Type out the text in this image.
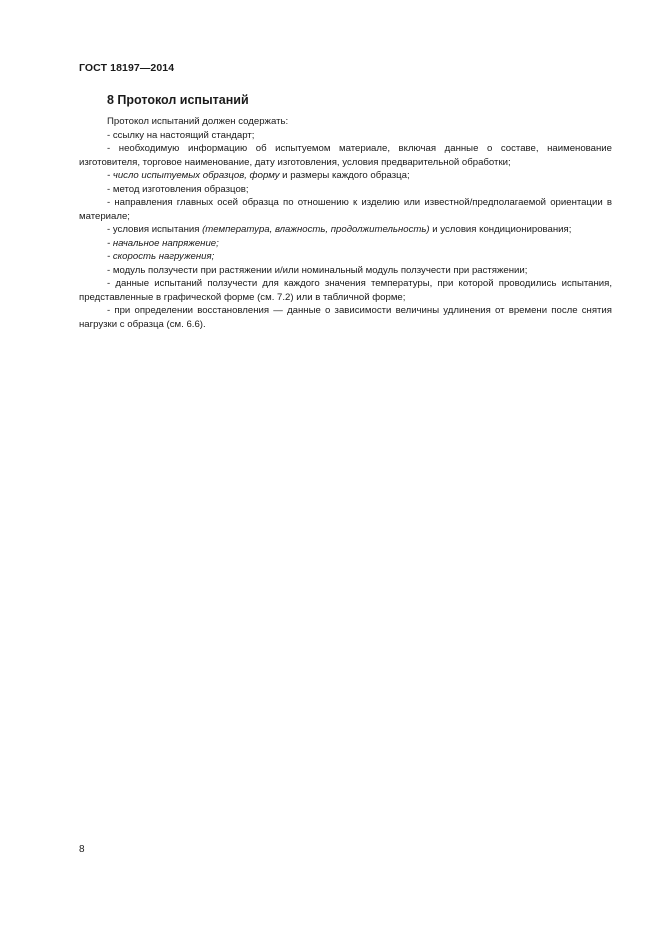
ГОСТ 18197—2014
8 Протокол испытаний

Протокол испытаний должен содержать:

- ссылку на настоящий стандарт;

- необходимую информацию об испытуемом материале, включая данные о составе, наименование изготовителя, торговое наименование, дату изготовления, условия предварительной обработки;

- число испытуемых образцов, форму и размеры каждого образца;

- метод изготовления образцов;

- направления главных осей образца по отношению к изделию или известной/предполагаемой ориентации в материале;

- условия испытания (температура, влажность, продолжительность) и условия кондиционирования;

- начальное напряжение;

- скорость нагружения;

- модуль ползучести при растяжении и/или номинальный модуль ползучести при растяжении;

- данные испытаний ползучести для каждого значения температуры, при которой проводились испытания, представленные в графической форме (см. 7.2) или в табличной форме;

- при определении восстановления — данные о зависимости величины удлинения от времени после снятия нагрузки с образца (см. 6.6).

8
